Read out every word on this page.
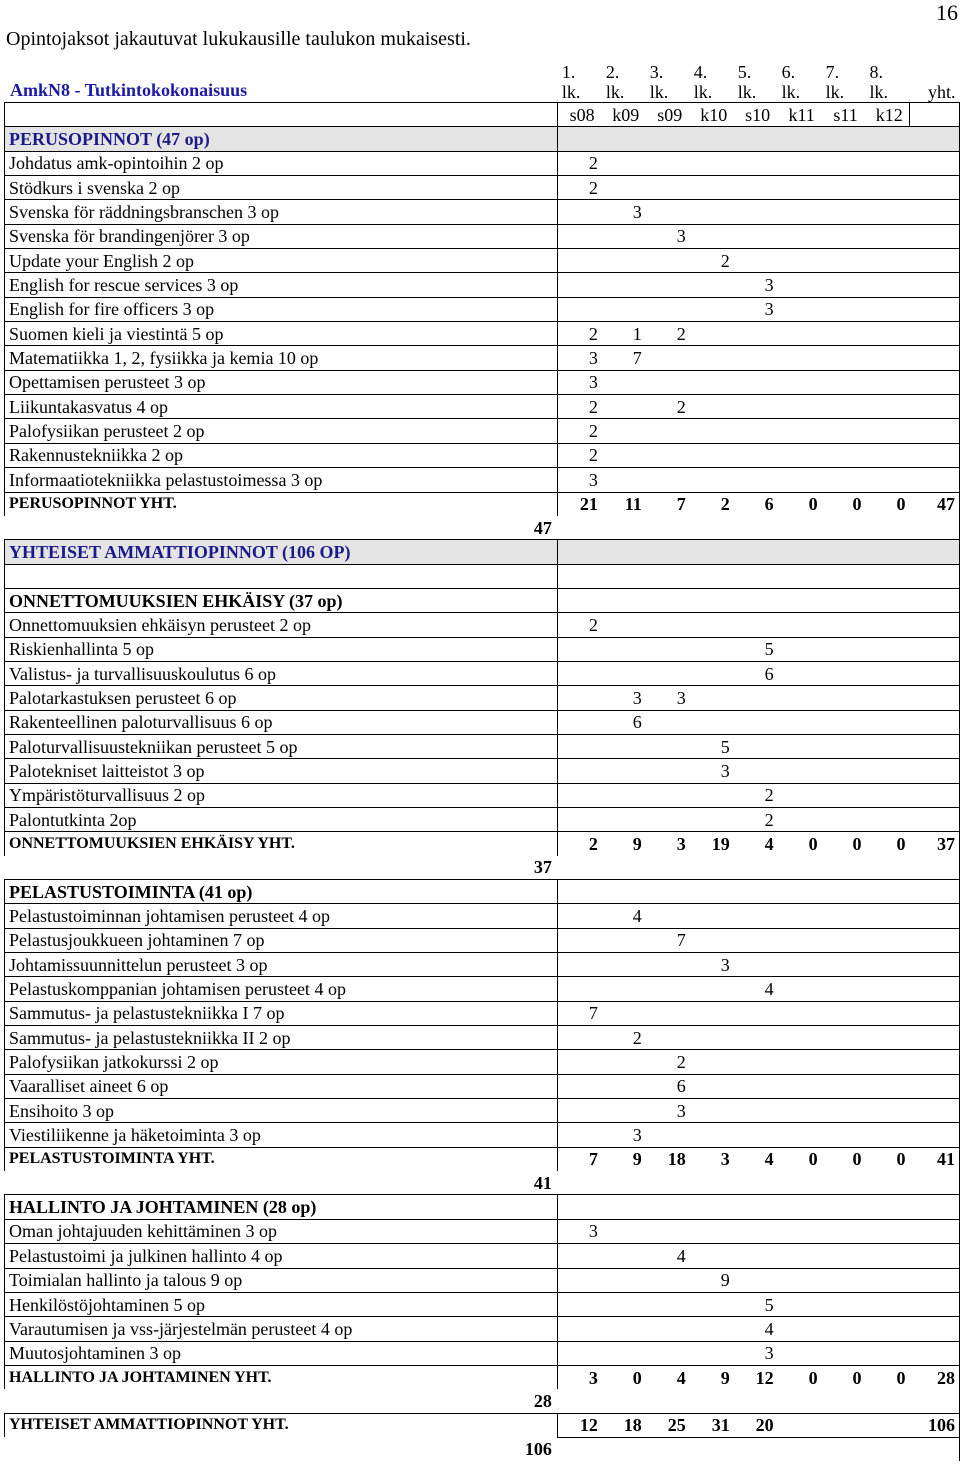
16
Opintojaksot jakautuvat lukukausille taulukon mukaisesti.
AmkN8 - Tutkintokokonaisuus
	1. lk.	2. lk.	3. lk.	4. lk.	5. lk.	6. lk.	7. lk.	8. lk.	yht.
	s08	k09	s09	k10	s10	k11	s11	k12	
PERUSOPINNOT (47 op)									
Johdatus amk-opintoihin 2 op	2								
Stödkurs i svenska 2 op	2								
Svenska för räddningsbranschen 3 op		3							
Svenska för brandingenjörer 3 op			3						
Update your English 2 op				2					
English for rescue services 3 op					3				
English for fire officers 3 op					3				
Suomen kieli ja viestintä 5 op	2	1	2						
Matematiikka 1, 2, fysiikka ja kemia 10 op	3	7							
Opettamisen perusteet 3 op	3								
Liikuntakasvatus 4 op	2		2						
Palofysiikan perusteet 2 op	2								
Rakennustekniikka 2 op	2								
Informaatiotekniikka pelastustoimessa 3 op	3								
PERUSOPINNOT YHT.	21	11	7	2	6	0	0	0	47
47									
YHTEISET AMMATTIOPINNOT (106 OP)									

ONNETTOMUUKSIEN EHKÄISY (37 op)									
Onnettomuuksien ehkäisyn perusteet 2 op	2								
Riskienhallinta 5 op					5				
Valistus- ja turvallisuuskoulutus 6 op					6				
Palotarkastuksen perusteet 6 op		3	3						
Rakenteellinen paloturvallisuus 6 op		6							
Paloturvallisuustekniikan perusteet 5 op				5					
Palotekniset laitteistot 3 op				3					
Ympäristöturvallisuus 2 op					2				
Palontutkinta 2op					2				
ONNETTOMUUKSIEN EHKÄISY YHT.	2	9	3	19	4	0	0	0	37
37									
PELASTUSTOIMINTA (41 op)									
Pelastustoiminnan johtamisen perusteet 4 op		4							
Pelastusjoukkueen johtaminen 7 op			7						
Johtamissuunnittelun perusteet 3 op				3					
Pelastuskomppanian johtamisen perusteet 4 op					4				
Sammutus- ja pelastustekniikka I 7 op	7								
Sammutus- ja pelastustekniikka II 2 op		2							
Palofysiikan jatkokurssi 2 op			2						
Vaaralliset aineet 6 op			6						
Ensihoito 3 op			3						
Viestiliikenne ja häketoiminta 3 op		3							
PELASTUSTOIMINTA YHT.	7	9	18	3	4	0	0	0	41
41									
HALLINTO JA JOHTAMINEN (28 op)									
Oman johtajuuden kehittäminen 3 op	3								
Pelastustoimi ja julkinen hallinto 4 op			4						
Toimialan hallinto ja talous 9 op				9					
Henkilöstöjohtaminen 5 op					5				
Varautumisen ja vss-järjestelmän perusteet 4 op					4				
Muutosjohtaminen 3 op					3				
HALLINTO JA JOHTAMINEN YHT.	3	0	4	9	12	0	0	0	28
28									
YHTEISET AMMATTIOPINNOT YHT.	12	18	25	31	20				106
106									
